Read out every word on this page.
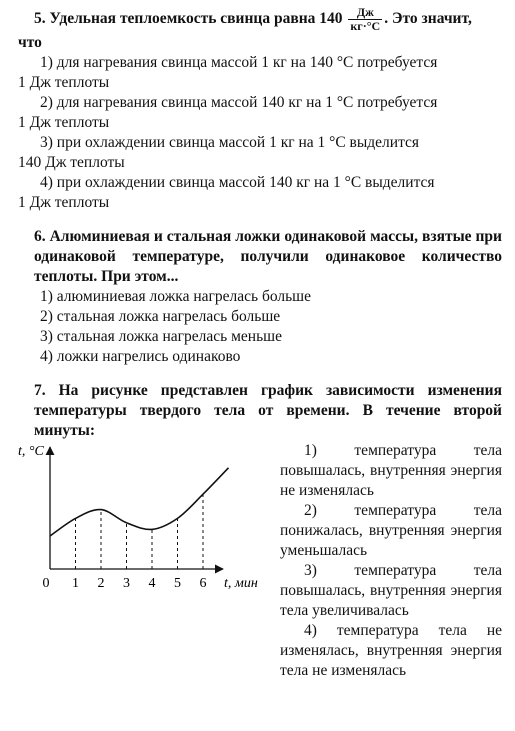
5. Удельная теплоемкость свинца равна $140 \frac{Дж}{кг\cdot^\circ С}$ . Это значит,
что
1) для нагревания свинца массой 1 кг на 140 °С потребуется
1 Дж теплоты
2) для нагревания свинца массой 140 кг на 1 °С потребуется
1 Дж теплоты
3) при охлаждении свинца массой 1 кг на 1 °С выделится
140 Дж теплоты
4) при охлаждении свинца массой 140 кг на 1 °С выделится
1 Дж теплоты
6. Алюминиевая и стальная ложки одинаковой массы, взятые при одинаковой температуре, получили одинаковое количество теплоты. При этом...
1) алюминиевая ложка нагрелась больше
2) стальная ложка нагрелась больше
3) стальная ложка нагрелась меньше
4) ложки нагрелись одинаково
7. На рисунке представлен график зависимости изменения температуры твердого тела от времени. В течение второй минуты:
t, °С
0 1 2 3 4 5 6 t, мин
1) температура тела повышалась, внутренняя энергия не изменялась
2) температура тела понижалась, внутренняя энергия уменьшалась
3) температура тела повышалась, внутренняя энергия тела увеличивалась
4) температура тела не изменялась, внутренняя энергия тела не изменялась
